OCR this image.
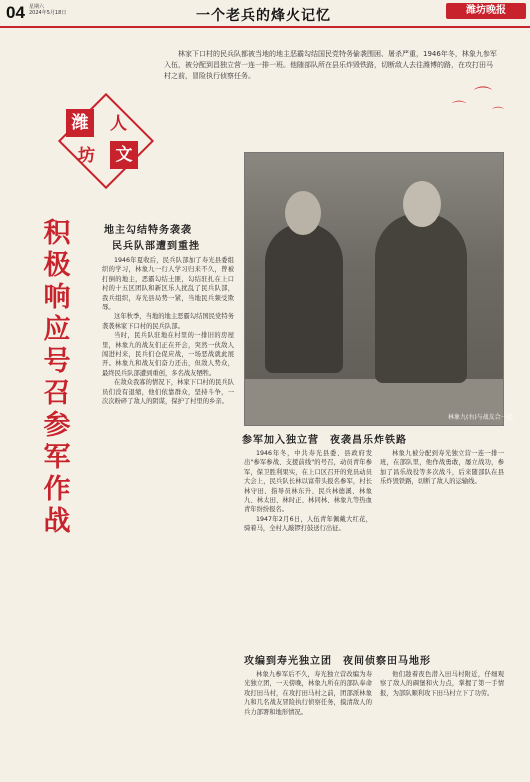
04 星期六
2024年5月18日	一个老兵的烽火记忆	潍坊晚报
林家下口村的民兵队都被当地的地主恶霸勾结国民党特务偷袭围困、屠杀严重，1946年冬，林象九参军入伍，被分配到昌独立营一连一排一班。他随部队所在县乐炸毁铁路，切断敌人去往潍博的路，在攻打田马村之前，冒险执行侦察任务。
⌒
⌒ ⌒
潍	人
坊	文
积极响应号召参军作战
林象九(右)与战友合一起。
地主勾结特务袭袭
民兵队部遭到重挫

1946年夏收后，民兵队部加了寿光县委组织的学习，林象九一行人学习归来不久，曾被打倒的地主，恶霸勾结土匪，勾结驻扎在上口村的十五区团队和新区乐人扰乱了民兵队部，我兵组织，寿光县局势一紧，当地民兵频受欺辱。

这年秋季，当地的地主恶霸勾结国民党特务袭袭林家下口村的民兵队部。

当时，民兵队驻地在村里的一排旧的房屋里，林象九的战友们正在开会，突然一伙敌人闯进村来，民兵们仓促应战，一场恶战就此展开。林象九和战友们奋力还击，但敌人势众，最终民兵队部遭到重创，多名战友牺牲。

在敌众我寡的情况下，林家下口村的民兵队员们没有退缩，他们依靠群众，坚持斗争，一次次粉碎了敌人的阴谋，保护了村里的乡亲。

参军加入独立营　夜袭昌乐炸铁路

1946年冬，中共寿光县委、县政府发出"参军参战、支援前线"的号召，动员青年参军，保卫胜利果实，在上口区召开的党员动员大会上，民兵队长林以富带头报名参军，村长林守田、指导员林东升、民兵林德溪、林象九、林太田、林时正、林同林、林象九等热血青年纷纷报名。

1947年2月6日，人伍青年佩戴大红花，骑着马，全村人敲锣打鼓送行出征。

林象九被分配到寿光独立营一连一排一班，在部队里，他作战勇敢，屡立战功，参加了昌乐战役等多次战斗，后来随部队在县乐炸毁铁路，切断了敌人的运输线。

攻编到寿光独立团　夜间侦察田马地形

林象九参军后不久，寿光独立营改编为寿光独立团，一天傍晚，林象九所在的部队奉命攻打田马村，在攻打田马村之前，团部派林象九和几名战友冒险执行侦察任务，摸清敌人的兵力部署和地形情况。

他们趁着夜色潜入田马村附近，仔细观察了敌人的碉堡和火力点，掌握了第一手情报，为部队顺利攻下田马村立下了功劳。
